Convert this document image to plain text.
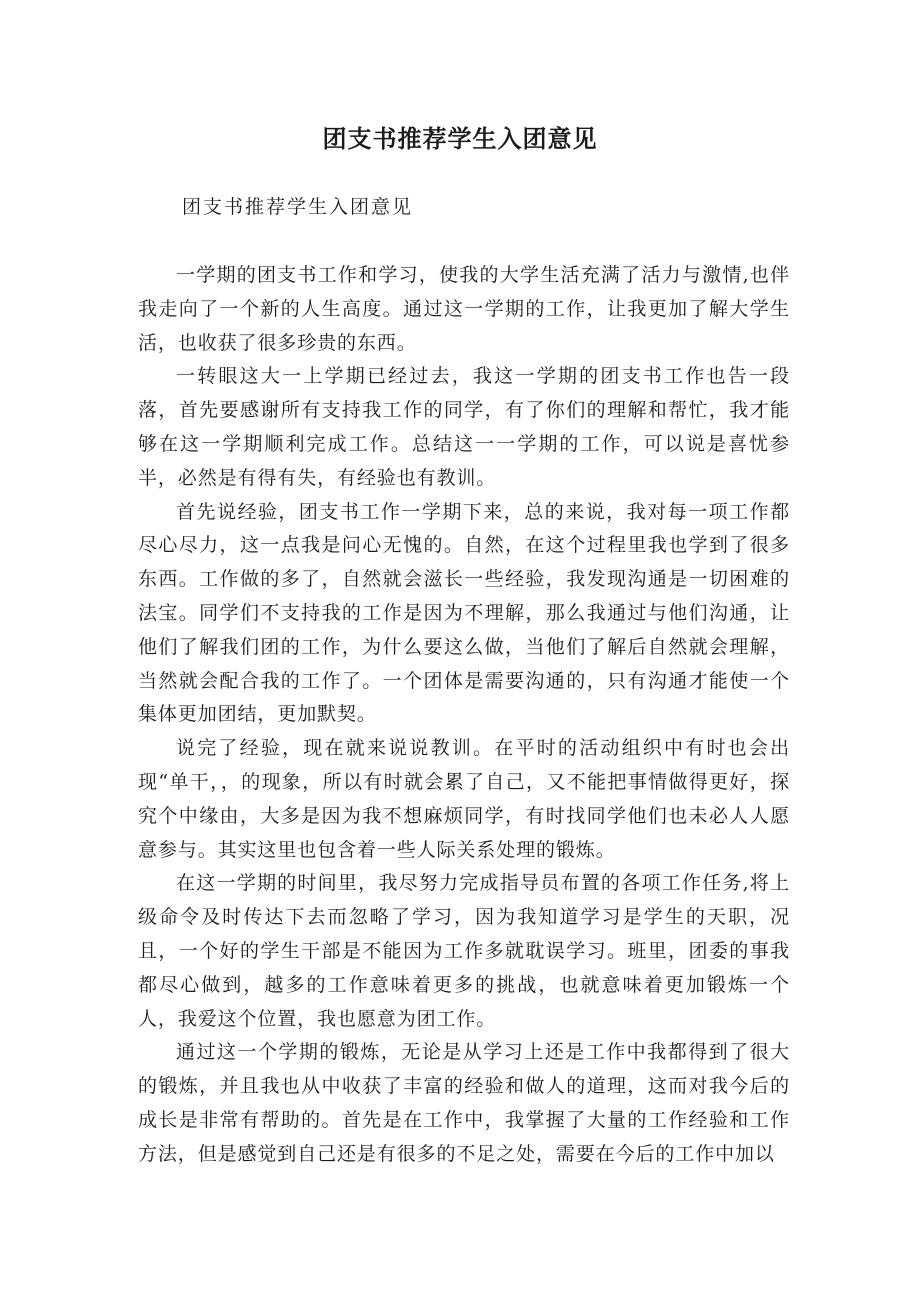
团支书推荐学生入团意见

团支书推荐学生入团意见

一学期的团支书工作和学习，使我的大学生活充满了活力与激情,也伴我走向了一个新的人生高度。通过这一学期的工作，让我更加了解大学生活，也收获了很多珍贵的东西。

一转眼这大一上学期已经过去，我这一学期的团支书工作也告一段落，首先要感谢所有支持我工作的同学，有了你们的理解和帮忙，我才能够在这一学期顺利完成工作。总结这一一学期的工作，可以说是喜忧参半，必然是有得有失，有经验也有教训。

首先说经验，团支书工作一学期下来，总的来说，我对每一项工作都尽心尽力，这一点我是问心无愧的。自然，在这个过程里我也学到了很多东西。工作做的多了，自然就会滋长一些经验，我发现沟通是一切困难的法宝。同学们不支持我的工作是因为不理解，那么我通过与他们沟通，让他们了解我们团的工作，为什么要这么做，当他们了解后自然就会理解，当然就会配合我的工作了。一个团体是需要沟通的，只有沟通才能使一个集体更加团结，更加默契。

说完了经验，现在就来说说教训。在平时的活动组织中有时也会出现“单干，，的现象，所以有时就会累了自己，又不能把事情做得更好，探究个中缘由，大多是因为我不想麻烦同学，有时找同学他们也未必人人愿意参与。其实这里也包含着一些人际关系处理的锻炼。

在这一学期的时间里，我尽努力完成指导员布置的各项工作任务,将上级命令及时传达下去而忽略了学习，因为我知道学习是学生的天职，况且，一个好的学生干部是不能因为工作多就耽误学习。班里，团委的事我都尽心做到，越多的工作意味着更多的挑战，也就意味着更加锻炼一个人，我爱这个位置，我也愿意为团工作。

通过这一个学期的锻炼，无论是从学习上还是工作中我都得到了很大的锻炼，并且我也从中收获了丰富的经验和做人的道理，这而对我今后的成长是非常有帮助的。首先是在工作中，我掌握了大量的工作经验和工作方法，但是感觉到自己还是有很多的不足之处，需要在今后的工作中加以
